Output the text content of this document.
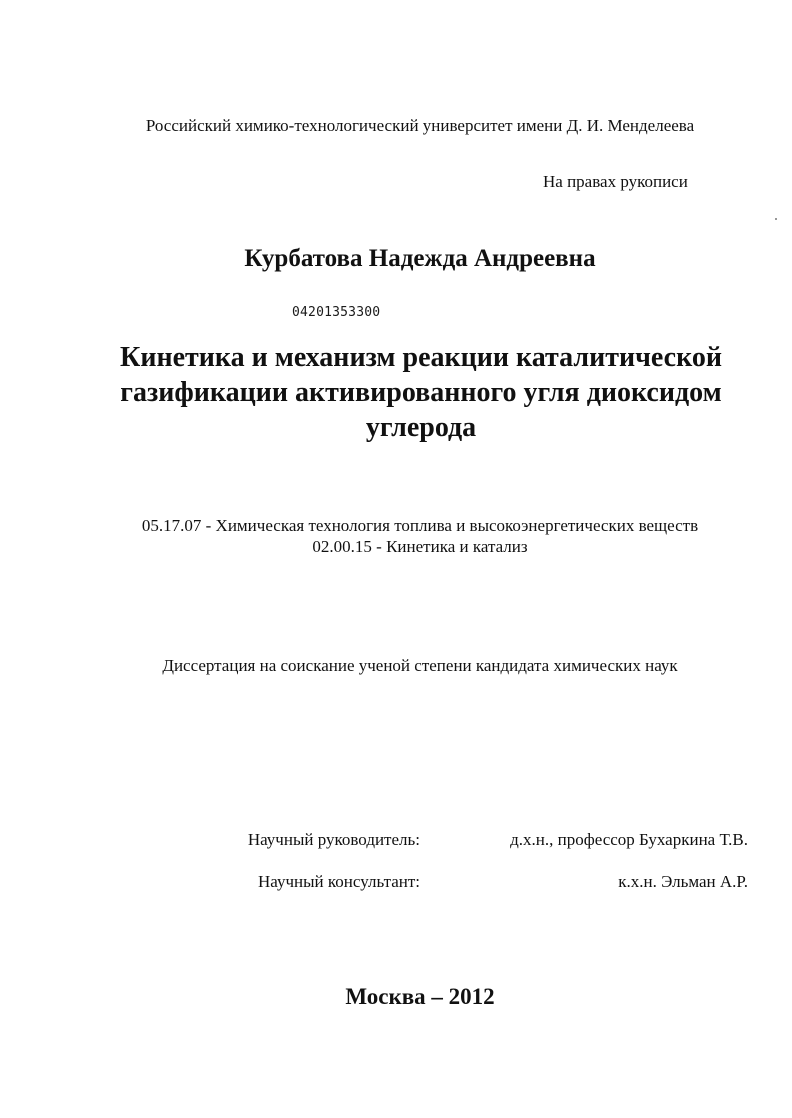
Российский химико-технологический университет имени Д. И. Менделеева
На правах рукописи
Курбатова Надежда Андреевна
04201353300
Кинетика и механизм реакции каталитической
газификации активированного угля диоксидом
углерода
05.17.07 - Химическая технология топлива и высокоэнергетических веществ
02.00.15 - Кинетика и катализ
Диссертация на соискание ученой степени кандидата химических наук
Научный руководитель:	д.х.н., профессор Бухаркина Т.В.
Научный консультант:	к.х.н. Эльман А.Р.
Москва – 2012
